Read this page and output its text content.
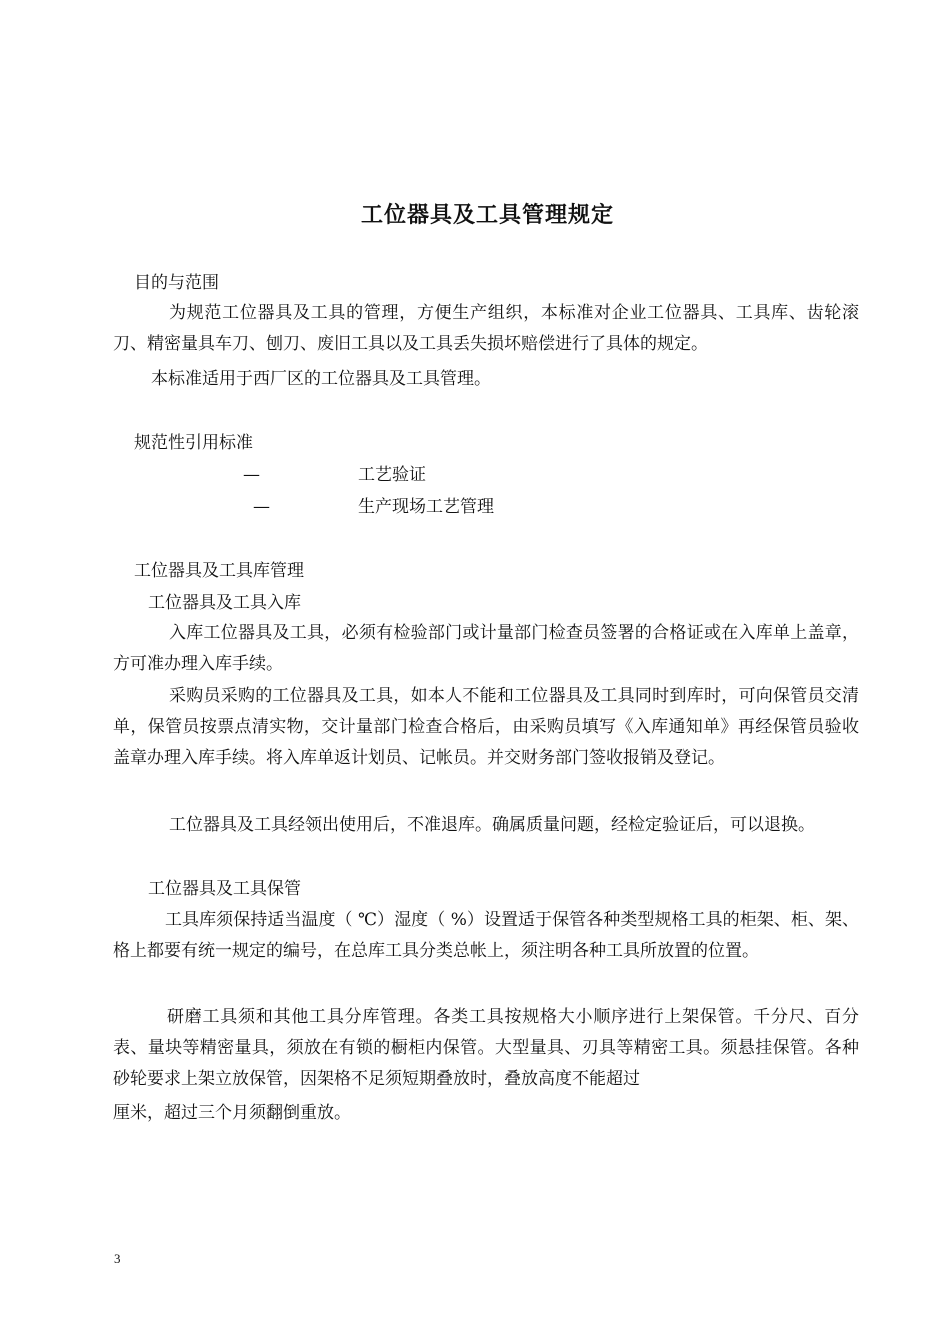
工位器具及工具管理规定
目的与范围
为规范工位器具及工具的管理，方便生产组织，本标准对企业工位器具、工具库、齿轮滚刀、精密量具车刀、刨刀、废旧工具以及工具丢失损坏赔偿进行了具体的规定。
本标准适用于西厂区的工位器具及工具管理。
规范性引用标准
—	工艺验证
—	生产现场工艺管理
工位器具及工具库管理
工位器具及工具入库
入库工位器具及工具，必须有检验部门或计量部门检查员签署的合格证或在入库单上盖章，方可准办理入库手续。
采购员采购的工位器具及工具，如本人不能和工位器具及工具同时到库时，可向保管员交清单，保管员按票点清实物，交计量部门检查合格后，由采购员填写《入库通知单》再经保管员验收盖章办理入库手续。将入库单返计划员、记帐员。并交财务部门签收报销及登记。
工位器具及工具经领出使用后，不准退库。确属质量问题，经检定验证后，可以退换。
工位器具及工具保管
工具库须保持适当温度（ ℃）湿度（ %）设置适于保管各种类型规格工具的柜架、柜、架、格上都要有统一规定的编号，在总库工具分类总帐上，须注明各种工具所放置的位置。
研磨工具须和其他工具分库管理。各类工具按规格大小顺序进行上架保管。千分尺、百分表、量块等精密量具，须放在有锁的橱柜内保管。大型量具、刃具等精密工具。须悬挂保管。各种砂轮要求上架立放保管，因架格不足须短期叠放时，叠放高度不能超过
厘米，超过三个月须翻倒重放。
3
